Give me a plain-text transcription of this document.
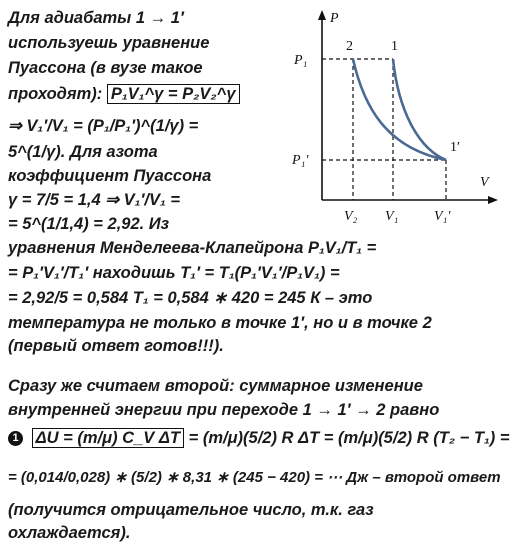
P
V
P₁
P₁′
2	1
1′
V₂ V₁	V₁′
Для адиабаты 1 → 1′
используешь уравнение
Пуассона (в вузе такое
проходят): P₁V₁^γ = P₂V₂^γ
⇒ V₁′/V₁ = (P₁/P₁′)^(1/γ) =
5^(1/γ). Для азота
коэффициент Пуассона
γ = 7/5 = 1,4 ⇒ V₁′/V₁ =
= 5^(1/1,4) = 2,92. Из
уравнения Менделеева-Клапейрона P₁V₁/T₁ =
= P₁′V₁′/T₁′ находишь T₁′ = T₁(P₁′V₁′/P₁V₁) =
= 2,92/5 = 0,584 T₁ = 0,584 ∗ 420 = 245 К – это
температура не только в точке 1′, но и в точке 2
(первый ответ готов!!!).
Сразу же считаем второй: суммарное изменение
внутренней энергии при переходе 1 → 1′ → 2 равно
1 ΔU = (m/μ) C_V ΔT = (m/μ)(5/2) R ΔT = (m/μ)(5/2) R (T₂ − T₁) =
= (0,014/0,028) ∗ (5/2) ∗ 8,31 ∗ (245 − 420) = ⋯ Дж – второй ответ
(получится отрицательное число, т.к. газ
охлаждается).
